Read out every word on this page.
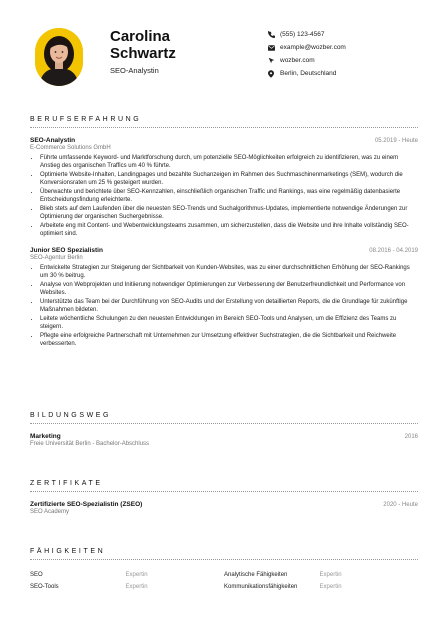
Carolina
Schwartz
SEO-Analystin
(555) 123-4567
example@wozber.com
wozber.com
Berlin, Deutschland
BERUFSERFAHRUNG
SEO-Analystin	05.2019 - Heute
E-Commerce Solutions GmbH
• Führte umfassende Keyword- und Marktforschung durch, um potenzielle SEO-Möglichkeiten erfolgreich zu identifizieren, was zu einem Anstieg des organischen Traffics um 40 % führte.
• Optimierte Website-Inhalten, Landingpages und bezahlte Suchanzeigen im Rahmen des Suchmaschinenmarketings (SEM), wodurch die Konversionsraten um 25 % gesteigert wurden.
• Überwachte und berichtete über SEO-Kennzahlen, einschließlich organischen Traffic und Rankings, was eine regelmäßig datenbasierte Entscheidungsfindung erleichterte.
• Blieb stets auf dem Laufenden über die neuesten SEO-Trends und Suchalgorithmus-Updates, implementierte notwendige Änderungen zur Optimierung der organischen Suchergebnisse.
• Arbeitete eng mit Content- und Webentwicklungsteams zusammen, um sicherzustellen, dass die Website und ihre Inhalte vollständig SEO-optimiert sind.
Junior SEO Spezialistin	08.2016 - 04.2019
SEO-Agentur Berlin
• Entwickelte Strategien zur Steigerung der Sichtbarkeit von Kunden-Websites, was zu einer durchschnittlichen Erhöhung der SEO-Rankings um 30 % beitrug.
• Analyse von Webprojekten und Initiierung notwendiger Optimierungen zur Verbesserung der Benutzerfreundlichkeit und Performance von Websites.
• Unterstützte das Team bei der Durchführung von SEO-Audits und der Erstellung von detaillierten Reports, die die Grundlage für zukünftige Maßnahmen bildeten.
• Leitete wöchentliche Schulungen zu den neuesten Entwicklungen im Bereich SEO-Tools und Analysen, um die Effizienz des Teams zu steigern.
• Pflegte eine erfolgreiche Partnerschaft mit Unternehmen zur Umsetzung effektiver Suchstrategien, die die Sichtbarkeit und Reichweite verbesserten.
BILDUNGSWEG
Marketing	2016
Freie Universität Berlin - Bachelor-Abschluss
ZERTIFIKATE
Zertifizierte SEO-Spezialistin (ZSEO)	2020 - Heute
SEO Academy
FÄHIGKEITEN
SEO	Expertin	Analytische Fähigkeiten	Expertin
SEO-Tools	Expertin	Kommunikationsfähigkeiten	Expertin
